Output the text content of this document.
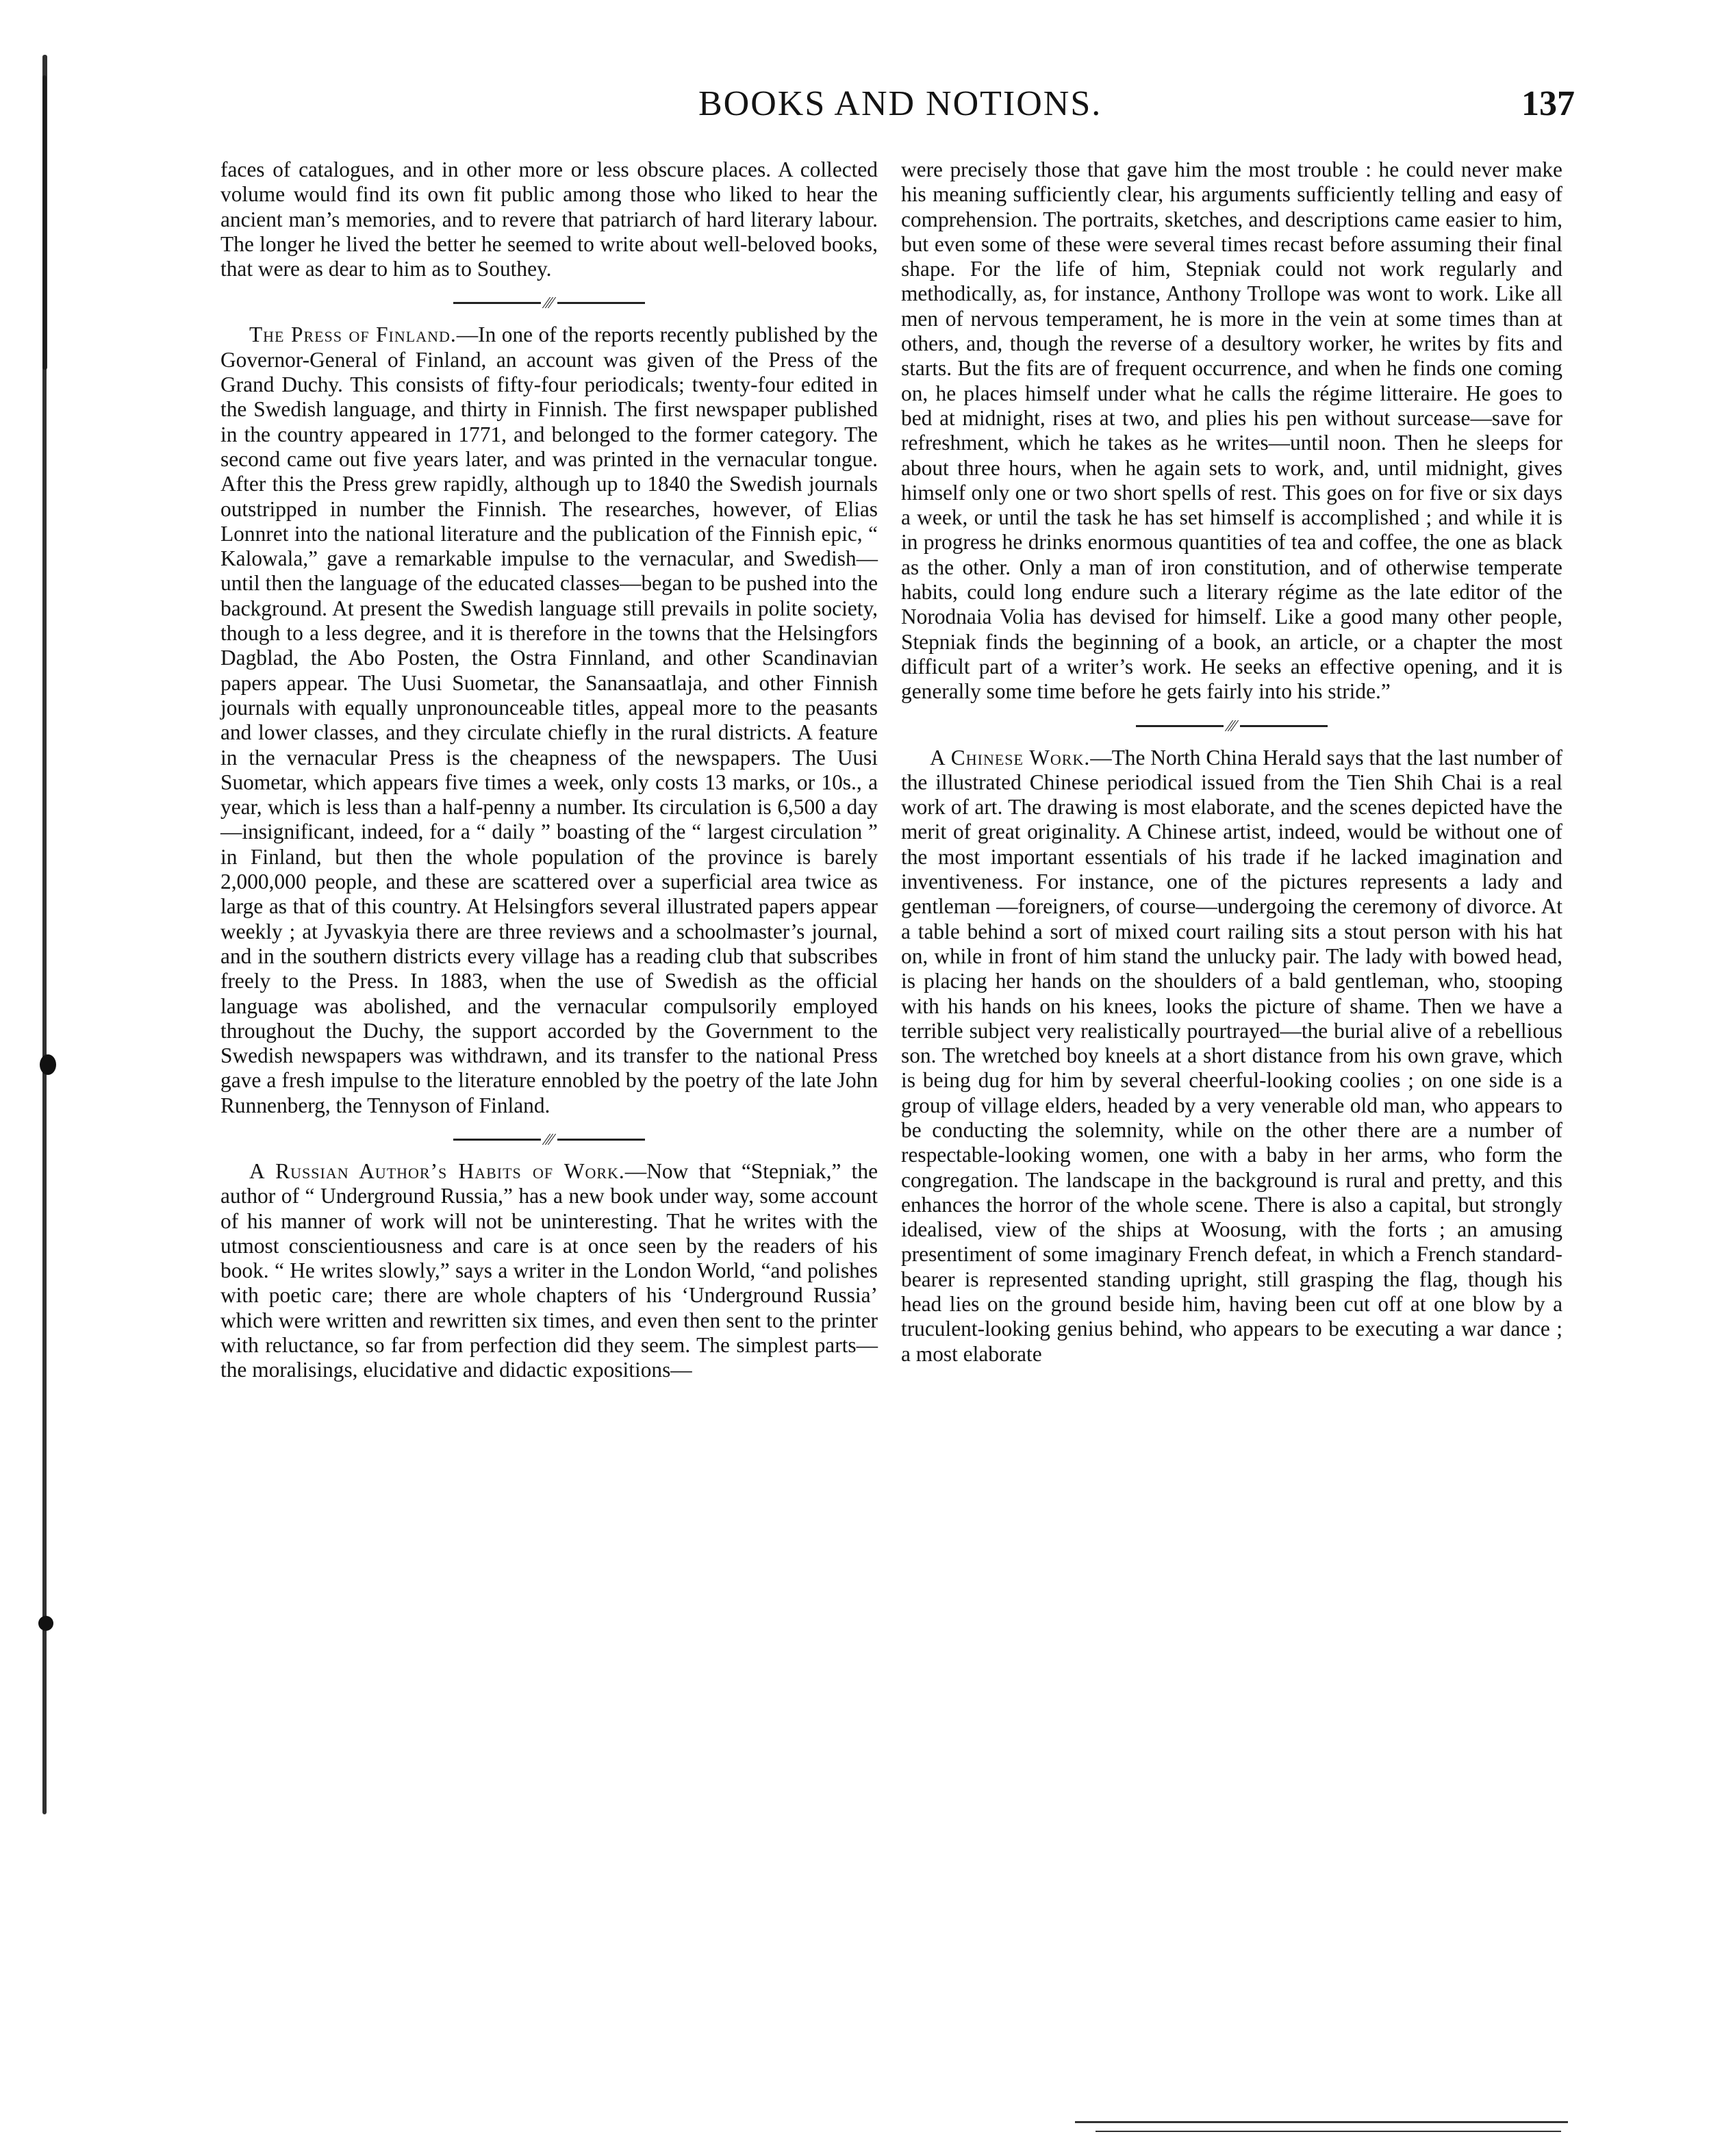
BOOKS AND NOTIONS.	137

faces of catalogues, and in other more or less obscure places. A collected volume would find its own fit public among those who liked to hear the ancient man’s memories, and to revere that patriarch of hard literary labour. The longer he lived the better he seemed to write about well-beloved books, that were as dear to him as to Southey.

⁄⁄⁄

The Press of Finland.—In one of the reports recently published by the Governor-General of Finland, an account was given of the Press of the Grand Duchy. This consists of fifty-four periodicals; twenty-four edited in the Swedish language, and thirty in Finnish. The first newspaper published in the country appeared in 1771, and belonged to the former category. The second came out five years later, and was printed in the vernacular tongue. After this the Press grew rapidly, although up to 1840 the Swedish journals outstripped in number the Finnish. The researches, however, of Elias Lonnret into the national literature and the publication of the Finnish epic, “ Kalowala,” gave a remarkable impulse to the vernacular, and Swedish—until then the language of the educated classes—began to be pushed into the background. At present the Swedish language still prevails in polite society, though to a less degree, and it is therefore in the towns that the Helsingfors Dagblad, the Abo Posten, the Ostra Finnland, and other Scandinavian papers appear. The Uusi Suometar, the Sanansaatlaja, and other Finnish journals with equally unpronounceable titles, appeal more to the peasants and lower classes, and they circulate chiefly in the rural districts. A feature in the vernacular Press is the cheapness of the newspapers. The Uusi Suometar, which appears five times a week, only costs 13 marks, or 10s., a year, which is less than a half-penny a number. Its circulation is 6,500 a day—insignificant, indeed, for a “ daily ” boasting of the “ largest circulation ” in Finland, but then the whole population of the province is barely 2,000,000 people, and these are scattered over a superficial area twice as large as that of this country. At Helsingfors several illustrated papers appear weekly ; at Jyvaskyia there are three reviews and a schoolmaster’s journal, and in the southern districts every village has a reading club that subscribes freely to the Press. In 1883, when the use of Swedish as the official language was abolished, and the vernacular compulsorily employed throughout the Duchy, the support accorded by the Government to the Swedish newspapers was withdrawn, and its transfer to the national Press gave a fresh impulse to the literature ennobled by the poetry of the late John Runnenberg, the Tennyson of Finland.

⁄⁄⁄

A Russian Author’s Habits of Work.—Now that “Stepniak,” the author of “ Underground Russia,” has a new book under way, some account of his manner of work will not be uninteresting. That he writes with the utmost conscientiousness and care is at once seen by the readers of his book. “ He writes slowly,” says a writer in the London World, “and polishes with poetic care; there are whole chapters of his ‘Underground Russia’ which were written and rewritten six times, and even then sent to the printer with reluctance, so far from perfection did they seem. The simplest parts—the moralisings, elucidative and didactic expositions—

were precisely those that gave him the most trouble : he could never make his meaning sufficiently clear, his arguments sufficiently telling and easy of comprehension. The portraits, sketches, and descriptions came easier to him, but even some of these were several times recast before assuming their final shape. For the life of him, Stepniak could not work regularly and methodically, as, for instance, Anthony Trollope was wont to work. Like all men of nervous temperament, he is more in the vein at some times than at others, and, though the reverse of a desultory worker, he writes by fits and starts. But the fits are of frequent occurrence, and when he finds one coming on, he places himself under what he calls the régime litteraire. He goes to bed at midnight, rises at two, and plies his pen without surcease—save for refreshment, which he takes as he writes—until noon. Then he sleeps for about three hours, when he again sets to work, and, until midnight, gives himself only one or two short spells of rest. This goes on for five or six days a week, or until the task he has set himself is accomplished ; and while it is in progress he drinks enormous quantities of tea and coffee, the one as black as the other. Only a man of iron constitution, and of otherwise temperate habits, could long endure such a literary régime as the late editor of the Norodnaia Volia has devised for himself. Like a good many other people, Stepniak finds the beginning of a book, an article, or a chapter the most difficult part of a writer’s work. He seeks an effective opening, and it is generally some time before he gets fairly into his stride.”

⁄⁄⁄

A Chinese Work.—The North China Herald says that the last number of the illustrated Chinese periodical issued from the Tien Shih Chai is a real work of art. The drawing is most elaborate, and the scenes depicted have the merit of great originality. A Chinese artist, indeed, would be without one of the most important essentials of his trade if he lacked imagination and inventiveness. For instance, one of the pictures represents a lady and gentleman —foreigners, of course—undergoing the ceremony of divorce. At a table behind a sort of mixed court railing sits a stout person with his hat on, while in front of him stand the unlucky pair. The lady with bowed head, is placing her hands on the shoulders of a bald gentleman, who, stooping with his hands on his knees, looks the picture of shame. Then we have a terrible subject very realistically pourtrayed—the burial alive of a rebellious son. The wretched boy kneels at a short distance from his own grave, which is being dug for him by several cheerful-looking coolies ; on one side is a group of village elders, headed by a very venerable old man, who appears to be conducting the solemnity, while on the other there are a number of respectable-looking women, one with a baby in her arms, who form the congregation. The landscape in the background is rural and pretty, and this enhances the horror of the whole scene. There is also a capital, but strongly idealised, view of the ships at Woosung, with the forts ; an amusing presentiment of some imaginary French defeat, in which a French standard-bearer is represented standing upright, still grasping the flag, though his head lies on the ground beside him, having been cut off at one blow by a truculent-looking genius behind, who appears to be executing a war dance ; a most elaborate
